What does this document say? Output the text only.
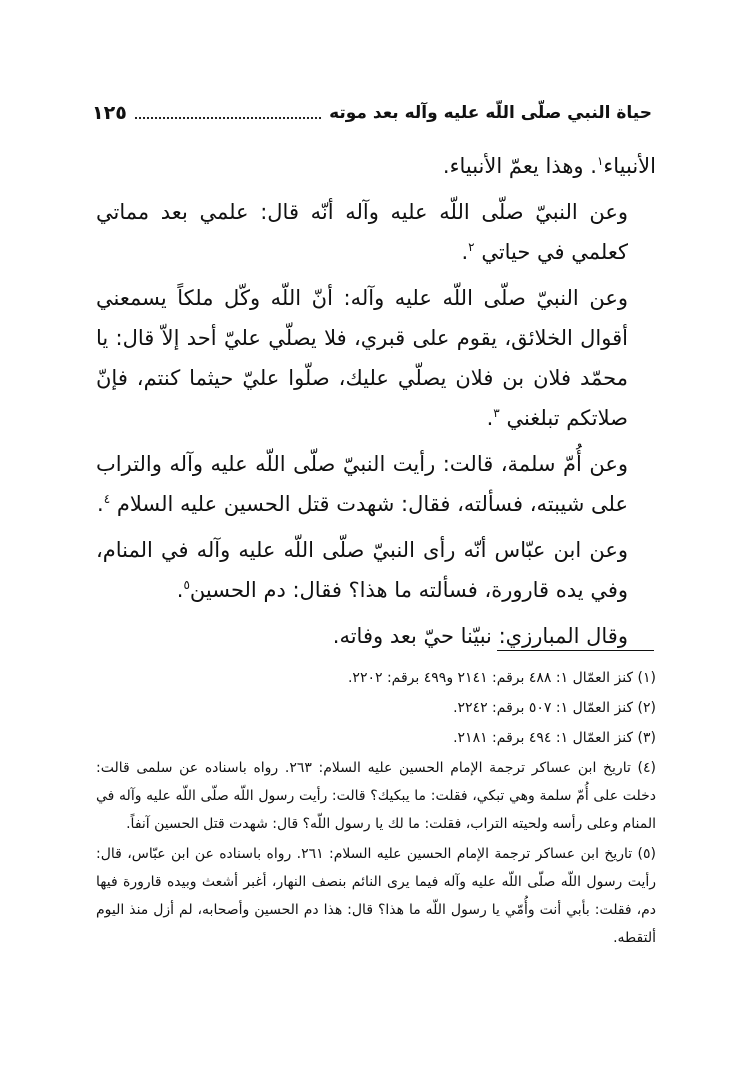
حياة النبي صلّى اللّه عليه وآله بعد موته
١٢٥

الأنبياء$^١$. وهذا يعمّ الأنبياء.

وعن النبيّ صلّى اللّه عليه وآله أنّه قال: علمي بعد مماتي كعلمي في حياتي $^٢$.

وعن النبيّ صلّى اللّه عليه وآله: أنّ اللّه وكّل ملكاً يسمعني أقوال الخلائق، يقوم على قبري، فلا يصلّي عليّ أحد إلاّ قال: يا محمّد فلان بن فلان يصلّي عليك، صلّوا عليّ حيثما كنتم، فإنّ صلاتكم تبلغني $^٣$.

وعن أُمّ سلمة، قالت: رأيت النبيّ صلّى اللّه عليه وآله والتراب على شيبته، فسألته، فقال: شهدت قتل الحسين عليه السلام $^٤$.

وعن ابن عبّاس أنّه رأى النبيّ صلّى اللّه عليه وآله في المنام، وفي يده قارورة، فسألته ما هذا؟ فقال: دم الحسين$^٥$.

وقال المبارزي: نبيّنا حيّ بعد وفاته.

(١) كنز العمّال ١: ٤٨٨ برقم: ٢١٤١ و٤٩٩ برقم: ٢٢٠٢.

(٢) كنز العمّال ١: ٥٠٧ برقم: ٢٢٤٢.

(٣) كنز العمّال ١: ٤٩٤ برقم: ٢١٨١.

(٤) تاريخ ابن عساكر ترجمة الإمام الحسين عليه السلام: ٢٦٣. رواه باسناده عن سلمى قالت: دخلت على أُمّ سلمة وهي تبكي، فقلت: ما يبكيك؟ قالت: رأيت رسول اللّه صلّى اللّه عليه وآله في المنام وعلى رأسه ولحيته التراب، فقلت: ما لك يا رسول اللّه؟ قال: شهدت قتل الحسين آنفاً.

(٥) تاريخ ابن عساكر ترجمة الإمام الحسين عليه السلام: ٢٦١. رواه باسناده عن ابن عبّاس، قال: رأيت رسول اللّه صلّى اللّه عليه وآله فيما يرى النائم بنصف النهار، أغبر أشعث وبيده قارورة فيها دم، فقلت: بأبي أنت وأُمّي يا رسول اللّه ما هذا؟ قال: هذا دم الحسين وأصحابه، لم أزل منذ اليوم ألتقطه.
